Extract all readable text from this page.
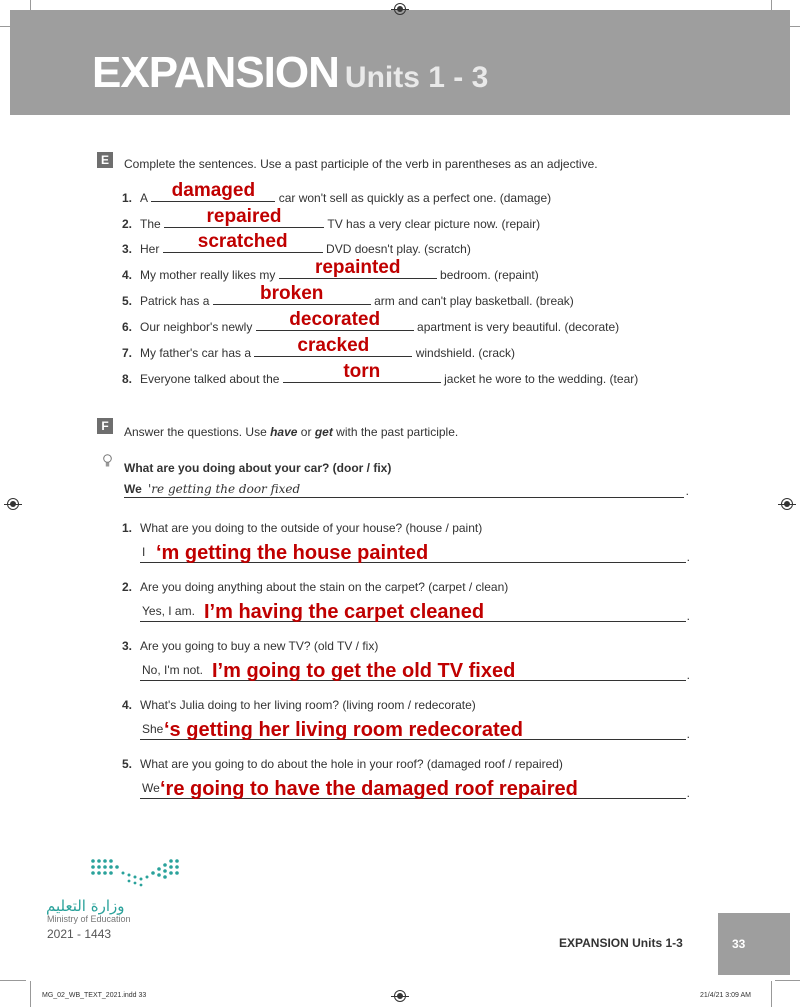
EXPANSION Units 1 - 3
E	Complete the sentences. Use a past participle of the verb in parentheses as an adjective.
1. A	damaged	car won't sell as quickly as a perfect one. (damage)
2. The	repaired	TV has a very clear picture now. (repair)
3. Her	scratched	DVD doesn't play. (scratch)
4. My mother really likes my	repainted	bedroom. (repaint)
5. Patrick has a	broken	arm and can't play basketball. (break)
6. Our neighbor's newly	decorated	apartment is very beautiful. (decorate)
7. My father's car has a	cracked	windshield. (crack)
8. Everyone talked about the	torn	jacket he wore to the wedding. (tear)
F	Answer the questions. Use have or get with the past participle.
What are you doing about your car? (door / fix)
We 're getting the door fixed	.
1. What are you doing to the outside of your house? (house / paint)
I ‘m getting the house painted	.
2. Are you doing anything about the stain on the carpet? (carpet / clean)
Yes, I am. I’m having the carpet cleaned	.
3. Are you going to buy a new TV? (old TV / fix)
No, I'm not. I’m going to get the old TV fixed	.
4. What's Julia doing to her living room? (living room / redecorate)
She ‘s getting her living room redecorated	.
5. What are you going to do about the hole in your roof? (damaged roof / repaired)
We ‘re going to have the damaged roof repaired	.
وزارة التعليم
Ministry of Education
2021 - 1443
EXPANSION Units 1-3	33
MG_02_WB_TEXT_2021.indd 33	21/4/21 3:09 AM
